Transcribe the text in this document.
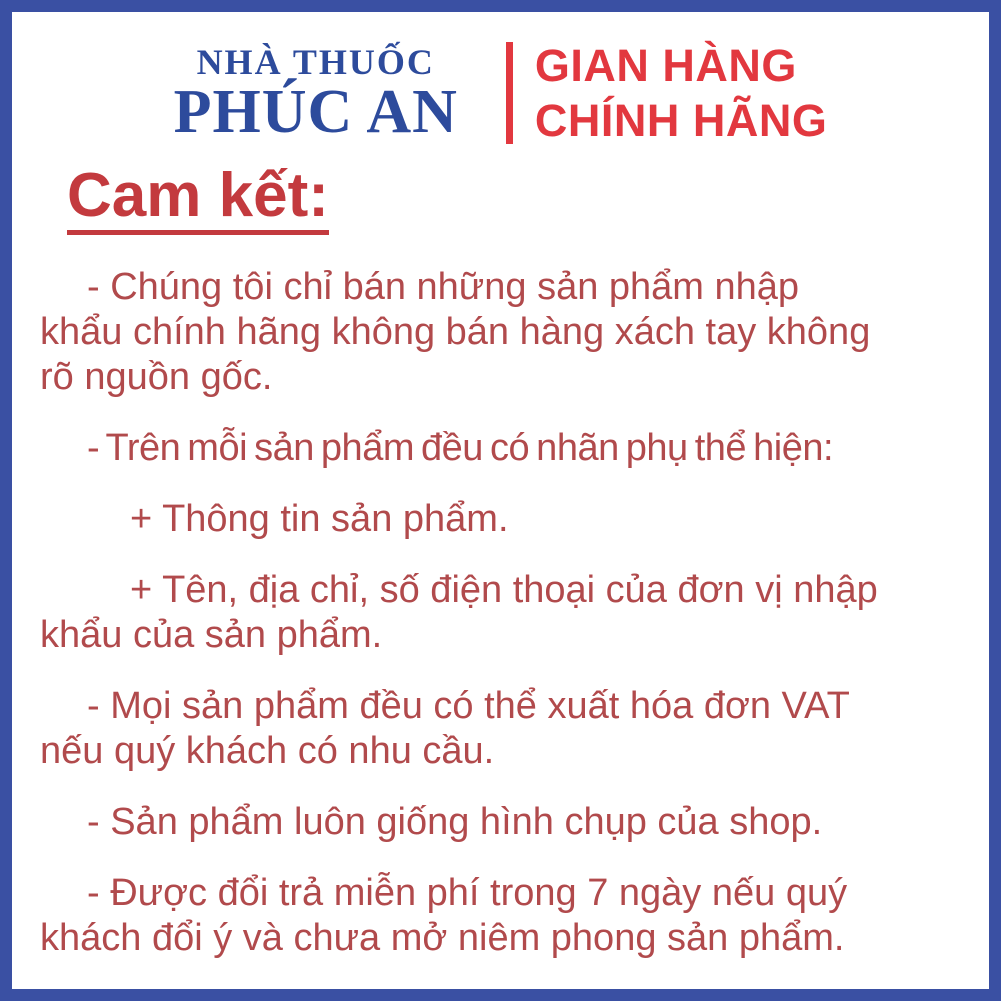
NHÀ THUỐC
PHÚC AN
GIAN HÀNG
CHÍNH HÃNG
Cam kết:
- Chúng tôi chỉ bán những sản phẩm nhập
khẩu chính hãng không bán hàng xách tay không
rõ nguồn gốc.
- Trên mỗi sản phẩm đều có nhãn phụ thể hiện:
+ Thông tin sản phẩm.
+ Tên, địa chỉ, số điện thoại của đơn vị nhập
khẩu của sản phẩm.
- Mọi sản phẩm đều có thể xuất hóa đơn VAT
nếu quý khách có nhu cầu.
- Sản phẩm luôn giống hình chụp của shop.
- Được đổi trả miễn phí trong 7 ngày nếu quý
khách đổi ý và chưa mở niêm phong sản phẩm.
